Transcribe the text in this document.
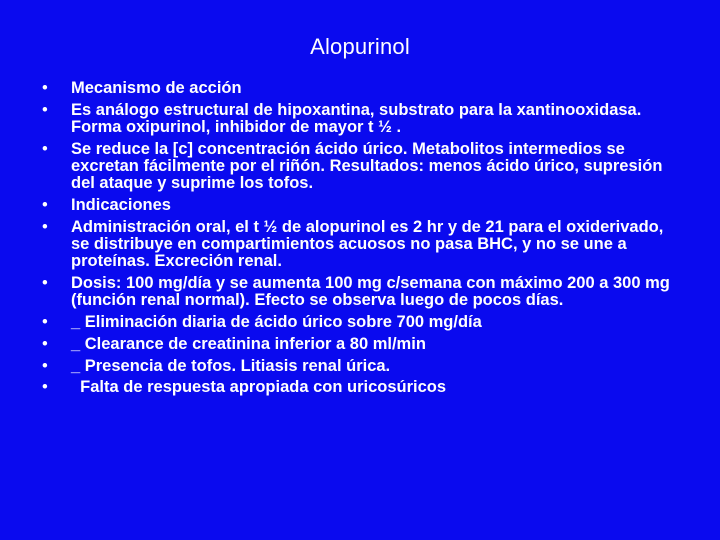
Alopurinol
• Mecanismo de acción
• Es análogo estructural de hipoxantina, substrato para la xantinooxidasa. Forma oxipurinol, inhibidor de mayor t ½ .
• Se reduce la [c] concentración ácido úrico. Metabolitos intermedios se excretan fácilmente por el riñón. Resultados: menos ácido úrico, supresión del ataque y suprime los tofos.
• Indicaciones
• Administración oral, el t ½ de alopurinol es 2 hr y de 21 para el oxiderivado, se distribuye en compartimientos acuosos no pasa BHC, y no se une a proteínas. Excreción renal.
• Dosis: 100 mg/día y se aumenta 100 mg c/semana con máximo 200 a 300 mg (función renal normal). Efecto se observa luego de pocos días.
• _ Eliminación diaria de ácido úrico sobre 700 mg/día
• _ Clearance de creatinina inferior a 80 ml/min
• _ Presencia de tofos. Litiasis renal úrica.
• Falta de respuesta apropiada con uricosúricos
